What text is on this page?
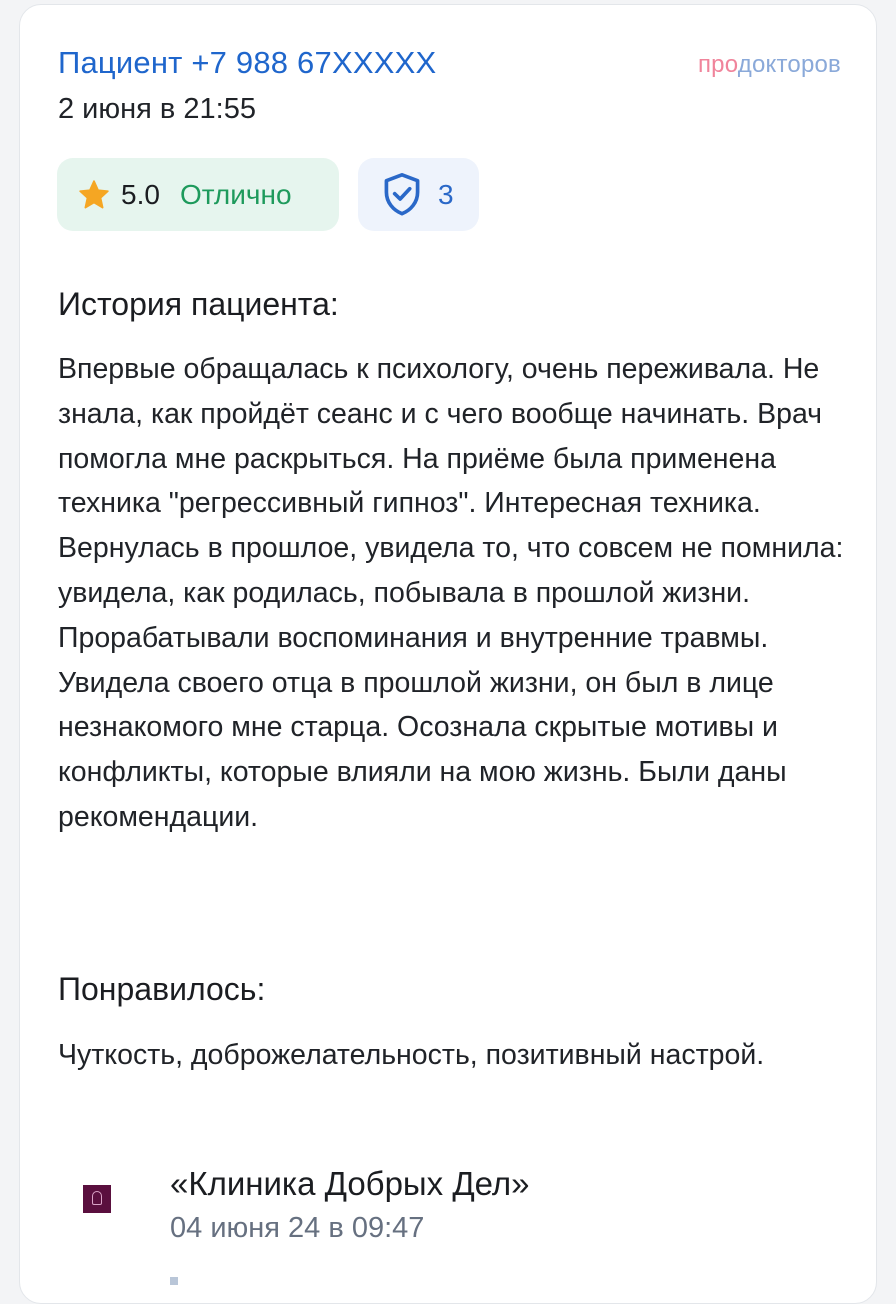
Пациент +7 988 67XXXXX
2 июня в 21:55
продокторов
5.0 Отлично	3
История пациента:
Впервые обращалась к психологу, очень переживала. Не знала, как пройдёт сеанс и с чего вообще начинать. Врач помогла мне раскрыться. На приёме была применена техника "регрессивный гипноз". Интересная техника. Вернулась в прошлое, увидела то, что совсем не помнила: увидела, как родилась, побывала в прошлой жизни. Прорабатывали воспоминания и внутренние травмы. Увидела своего отца в прошлой жизни, он был в лице незнакомого мне старца. Осознала скрытые мотивы и конфликты, которые влияли на мою жизнь. Были даны рекомендации.
Понравилось:
Чуткость, доброжелательность, позитивный настрой.
«Клиника Добрых Дел»
04 июня 24 в 09:47
